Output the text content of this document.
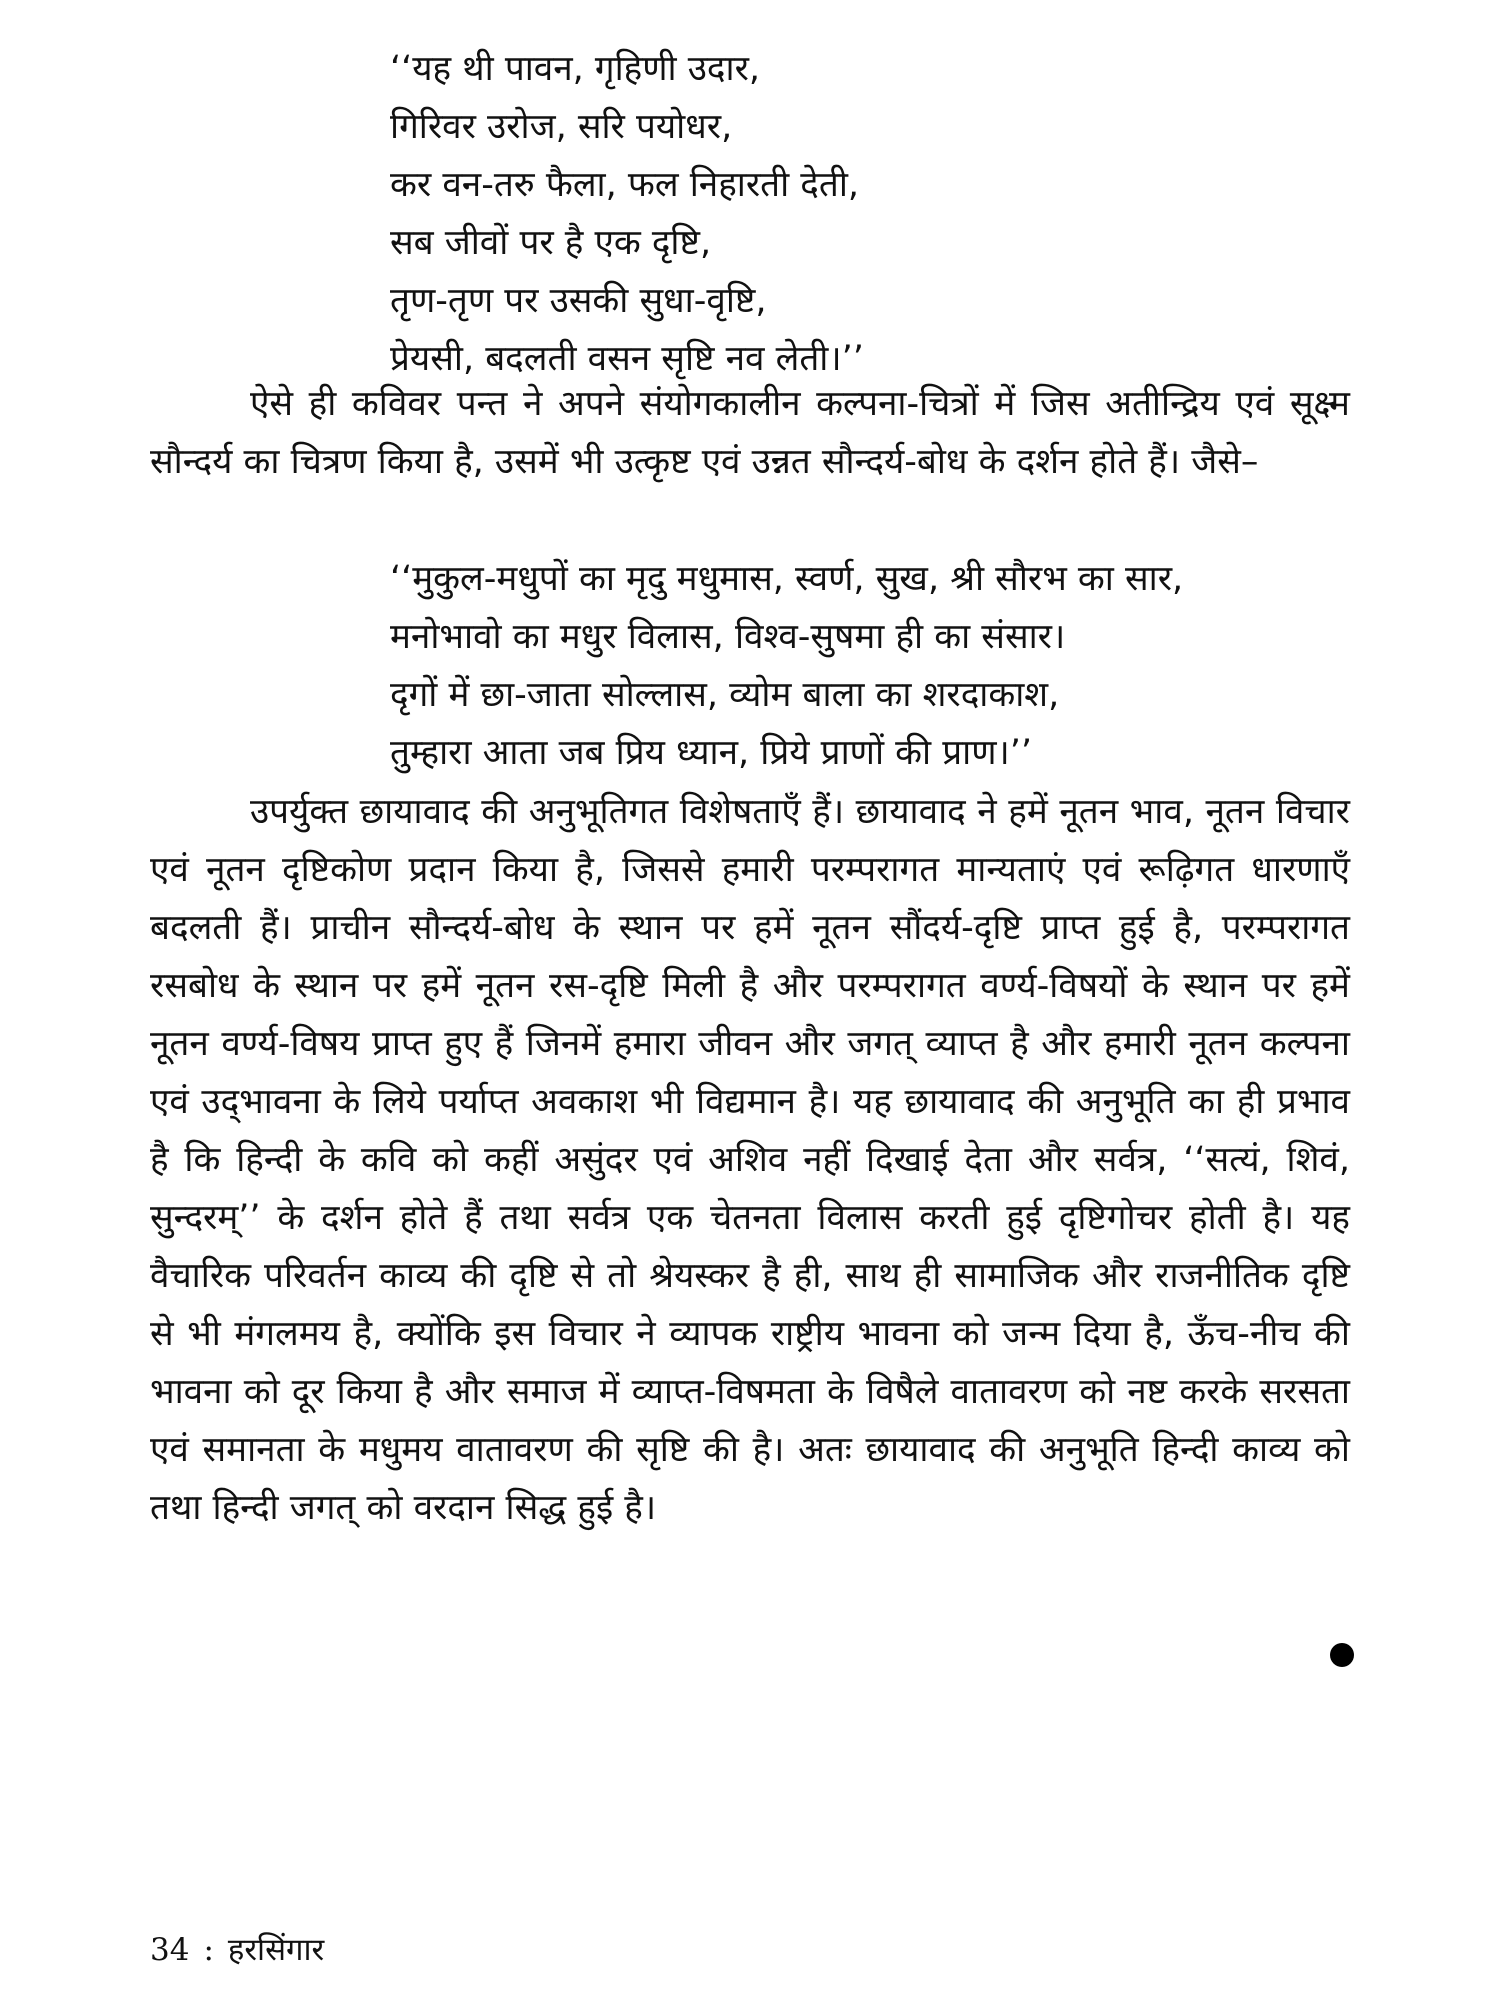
‘‘यह थी पावन, गृहिणी उदार,
गिरिवर उरोज, सरि पयोधर,
कर वन-तरु फैला, फल निहारती देती,
सब जीवों पर है एक दृष्टि,
तृण-तृण पर उसकी सुधा-वृष्टि,
प्रेयसी, बदलती वसन सृष्टि नव लेती।’’

ऐसे ही कविवर पन्त ने अपने संयोगकालीन कल्पना-चित्रों में जिस अतीन्द्रिय एवं सूक्ष्म सौन्दर्य का चित्रण किया है, उसमें भी उत्कृष्ट एवं उन्नत सौन्दर्य-बोध के दर्शन होते हैं। जैसे–

‘‘मुकुल-मधुपों का मृदु मधुमास, स्वर्ण, सुख, श्री सौरभ का सार,
मनोभावो का मधुर विलास, विश्व-सुषमा ही का संसार।
दृगों में छा-जाता सोल्लास, व्योम बाला का शरदाकाश,
तुम्हारा आता जब प्रिय ध्यान, प्रिये प्राणों की प्राण।’’

उपर्युक्त छायावाद की अनुभूतिगत विशेषताएँ हैं। छायावाद ने हमें नूतन भाव, नूतन विचार एवं नूतन दृष्टिकोण प्रदान किया है, जिससे हमारी परम्परागत मान्यताएं एवं रूढ़िगत धारणाएँ बदलती हैं। प्राचीन सौन्दर्य-बोध के स्थान पर हमें नूतन सौंदर्य-दृष्टि प्राप्त हुई है, परम्परागत रसबोध के स्थान पर हमें नूतन रस-दृष्टि मिली है और परम्परागत वर्ण्य-विषयों के स्थान पर हमें नूतन वर्ण्य-विषय प्राप्त हुए हैं जिनमें हमारा जीवन और जगत् व्याप्त है और हमारी नूतन कल्पना एवं उद्‌भावना के लिये पर्याप्त अवकाश भी विद्यमान है। यह छायावाद की अनुभूति का ही प्रभाव है कि हिन्दी के कवि को कहीं असुंदर एवं अशिव नहीं दिखाई देता और सर्वत्र, ‘‘सत्यं, शिवं, सुन्दरम्’’ के दर्शन होते हैं तथा सर्वत्र एक चेतनता विलास करती हुई दृष्टिगोचर होती है। यह वैचारिक परिवर्तन काव्य की दृष्टि से तो श्रेयस्कर है ही, साथ ही सामाजिक और राजनीतिक दृष्टि से भी मंगलमय है, क्योंकि इस विचार ने व्यापक राष्ट्रीय भावना को जन्म दिया है, ऊँच-नीच की भावना को दूर किया है और समाज में व्याप्त-विषमता के विषैले वातावरण को नष्ट करके सरसता एवं समानता के मधुमय वातावरण की सृष्टि की है। अतः छायावाद की अनुभूति हिन्दी काव्य को तथा हिन्दी जगत् को वरदान सिद्ध हुई है।

34 : हरसिंगार
